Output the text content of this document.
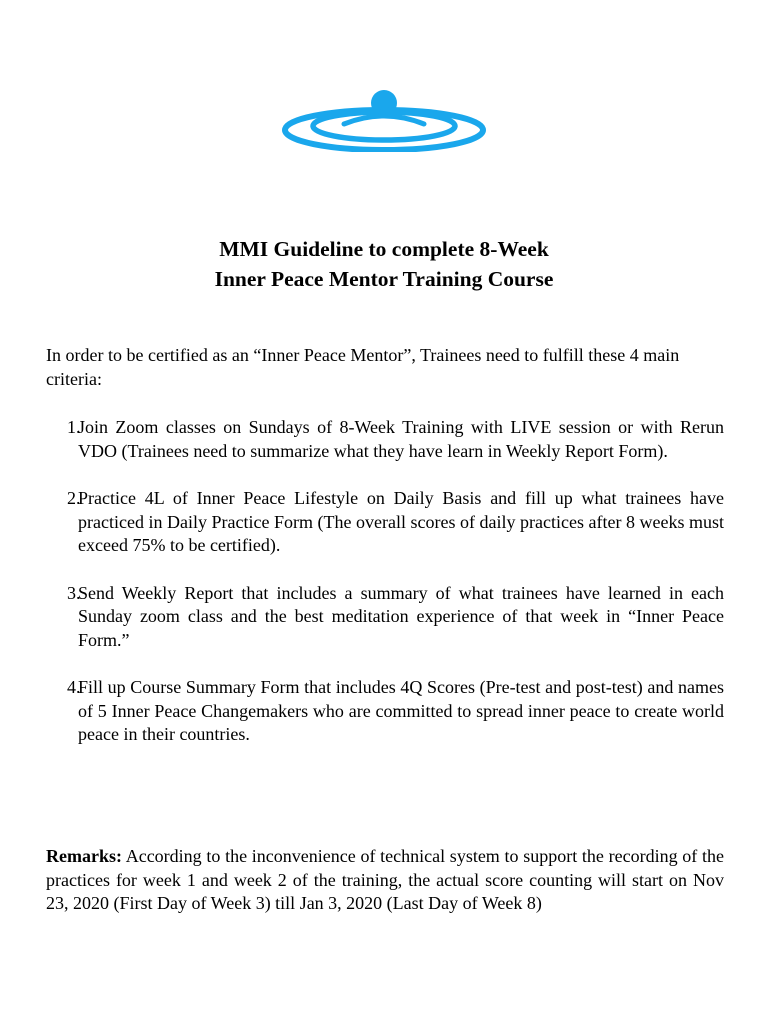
MMI Guideline to complete 8-Week
Inner Peace Mentor Training Course
In order to be certified as an “Inner Peace Mentor”, Trainees need to fulfill these 4 main criteria:
1.
Join Zoom classes on Sundays of 8-Week Training with LIVE session or with Rerun VDO (Trainees need to summarize what they have learn in Weekly Report Form).
2.
Practice 4L of Inner Peace Lifestyle on Daily Basis and fill up what trainees have practiced in Daily Practice Form (The overall scores of daily practices after 8 weeks must exceed 75% to be certified).
3.
Send Weekly Report that includes a summary of what trainees have learned in each Sunday zoom class and the best meditation experience of that week in “Inner Peace Form.”
4.
Fill up Course Summary Form that includes 4Q Scores (Pre-test and post-test) and names of 5 Inner Peace Changemakers who are committed to spread inner peace to create world peace in their countries.
Remarks: According to the inconvenience of technical system to support the recording of the practices for week 1 and week 2 of the training, the actual score counting will start on Nov 23, 2020 (First Day of Week 3) till Jan 3, 2020 (Last Day of Week 8)
